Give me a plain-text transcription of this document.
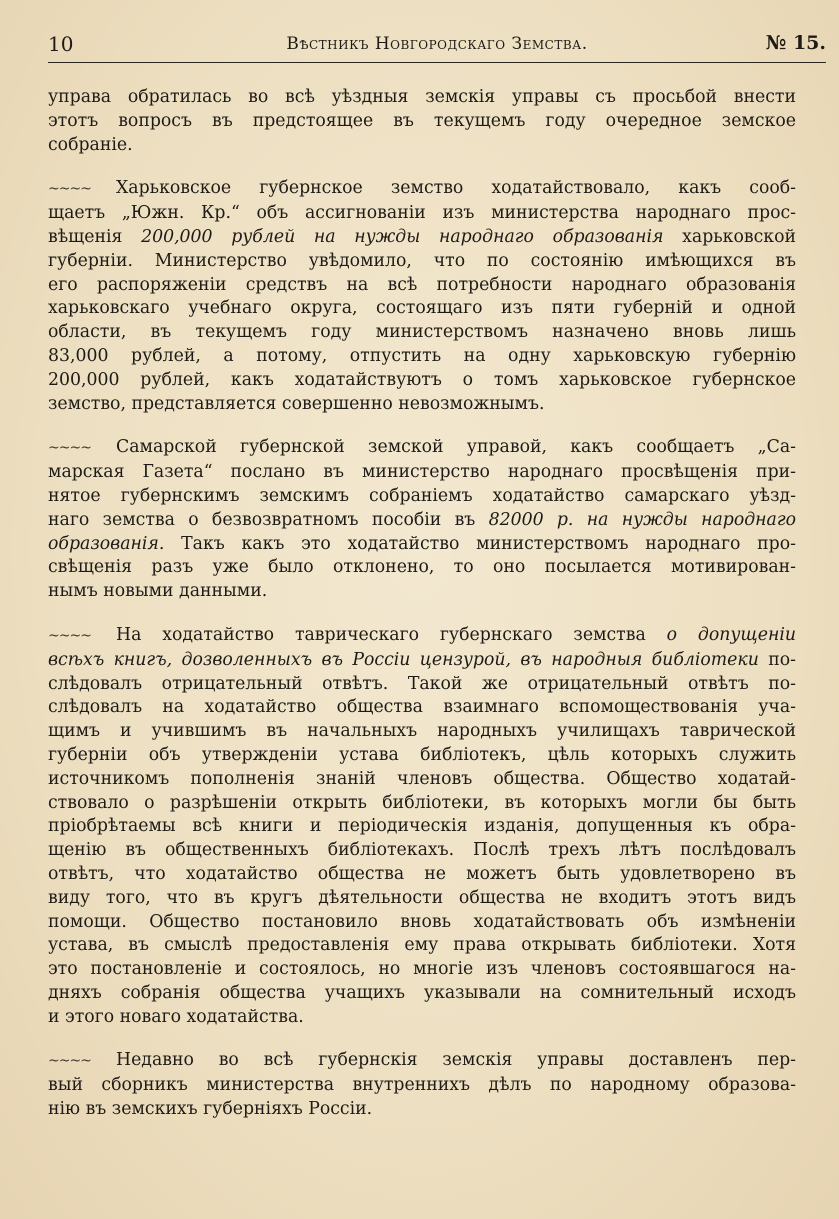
10	Вѣстникъ Новгородскаго Земства.	№ 15.
управа обратилась во всѣ уѣздныя земскія управы съ просьбой внести
этотъ вопросъ въ предстоящее въ текущемъ году очередное земское
собраніе.
~~~~ Харьковское губернское земство ходатайствовало, какъ сооб-
щаетъ „Южн. Кр.“ объ ассигнованіи изъ министерства народнаго прос-
вѣщенія 200,000 рублей на нужды народнаго образованія харьковской
губерніи. Министерство увѣдомило, что по состоянію имѣющихся въ
его распоряженіи средствъ на всѣ потребности народнаго образованія
харьковскаго учебнаго округа, состоящаго изъ пяти губерній и одной
области, въ текущемъ году министерствомъ назначено вновь лишь
83,000 рублей, а потому, отпустить на одну харьковскую губернію
200,000 рублей, какъ ходатайствуютъ о томъ харьковское губернское
земство, представляется совершенно невозможнымъ.
~~~~ Самарской губернской земской управой, какъ сообщаетъ „Са-
марская Газета“ послано въ министерство народнаго просвѣщенія при-
нятое губернскимъ земскимъ собраніемъ ходатайство самарскаго уѣзд-
наго земства о безвозвратномъ пособіи въ 82000 р. на нужды народнаго
образованія. Такъ какъ это ходатайство министерствомъ народнаго про-
свѣщенія разъ уже было отклонено, то оно посылается мотивирован-
нымъ новыми данными.
~~~~ На ходатайство таврическаго губернскаго земства о допущеніи
всѣхъ книгъ, дозволенныхъ въ Россіи цензурой, въ народныя библіотеки по-
слѣдовалъ отрицательный отвѣтъ. Такой же отрицательный отвѣтъ по-
слѣдовалъ на ходатайство общества взаимнаго вспомоществованія уча-
щимъ и учившимъ въ начальныхъ народныхъ училищахъ таврической
губерніи объ утвержденіи устава библіотекъ, цѣль которыхъ служить
источникомъ пополненія знаній членовъ общества. Общество ходатай-
ствовало о разрѣшеніи открыть библіотеки, въ которыхъ могли бы быть
пріобрѣтаемы всѣ книги и періодическія изданія, допущенныя къ обра-
щенію въ общественныхъ библіотекахъ. Послѣ трехъ лѣтъ послѣдовалъ
отвѣтъ, что ходатайство общества не можетъ быть удовлетворено въ
виду того, что въ кругъ дѣятельности общества не входитъ этотъ видъ
помощи. Общество постановило вновь ходатайствовать объ измѣненіи
устава, въ смыслѣ предоставленія ему права открывать библіотеки. Хотя
это постановленіе и состоялось, но многіе изъ членовъ состоявшагося на-
дняхъ собранія общества учащихъ указывали на сомнительный исходъ
и этого новаго ходатайства.
~~~~ Недавно во всѣ губернскія земскія управы доставленъ пер-
вый сборникъ министерства внутреннихъ дѣлъ по народному образова-
нію въ земскихъ губерніяхъ Россіи.
